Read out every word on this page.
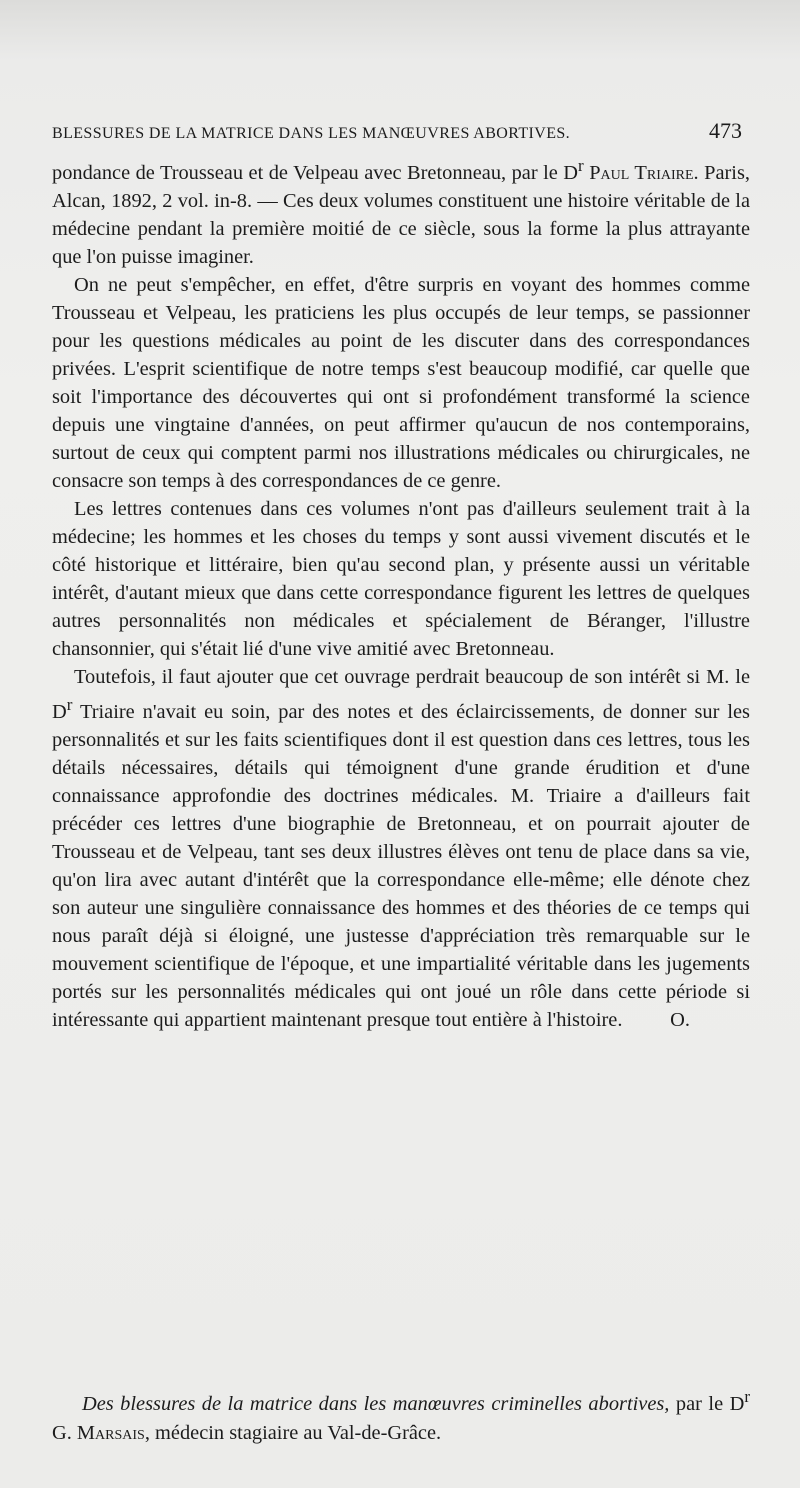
BLESSURES DE LA MATRICE DANS LES MANŒUVRES ABORTIVES.	473

pondance de Trousseau et de Velpeau avec Bretonneau, par le $D^r$ Paul Triaire. Paris, Alcan, 1892, 2 vol. in-8. — Ces deux volumes constituent une histoire véritable de la médecine pendant la première moitié de ce siècle, sous la forme la plus attrayante que l'on puisse imaginer.

On ne peut s'empêcher, en effet, d'être surpris en voyant des hommes comme Trousseau et Velpeau, les praticiens les plus occupés de leur temps, se passionner pour les questions médicales au point de les discuter dans des correspondances privées. L'esprit scientifique de notre temps s'est beaucoup modifié, car quelle que soit l'importance des découvertes qui ont si profondément transformé la science depuis une vingtaine d'années, on peut affirmer qu'aucun de nos contemporains, surtout de ceux qui comptent parmi nos illustrations médicales ou chirurgicales, ne consacre son temps à des correspondances de ce genre.

Les lettres contenues dans ces volumes n'ont pas d'ailleurs seulement trait à la médecine; les hommes et les choses du temps y sont aussi vivement discutés et le côté historique et littéraire, bien qu'au second plan, y présente aussi un véritable intérêt, d'autant mieux que dans cette correspondance figurent les lettres de quelques autres personnalités non médicales et spécialement de Béranger, l'illustre chansonnier, qui s'était lié d'une vive amitié avec Bretonneau.

Toutefois, il faut ajouter que cet ouvrage perdrait beaucoup de son intérêt si M. le $D^r$ Triaire n'avait eu soin, par des notes et des éclaircissements, de donner sur les personnalités et sur les faits scientifiques dont il est question dans ces lettres, tous les détails nécessaires, détails qui témoignent d'une grande érudition et d'une connaissance approfondie des doctrines médicales. M. Triaire a d'ailleurs fait précéder ces lettres d'une biographie de Bretonneau, et on pourrait ajouter de Trousseau et de Velpeau, tant ses deux illustres élèves ont tenu de place dans sa vie, qu'on lira avec autant d'intérêt que la correspondance elle-même; elle dénote chez son auteur une singulière connaissance des hommes et des théories de ce temps qui nous paraît déjà si éloigné, une justesse d'appréciation très remarquable sur le mouvement scientifique de l'époque, et une impartialité véritable dans les jugements portés sur les personnalités médicales qui ont joué un rôle dans cette période si intéressante qui appartient maintenant presque tout entière à l'histoire.	O.

Des blessures de la matrice dans les manœuvres criminelles abortives, par le $D^r$ G. Marsais, médecin stagiaire au Val-de-Grâce.
